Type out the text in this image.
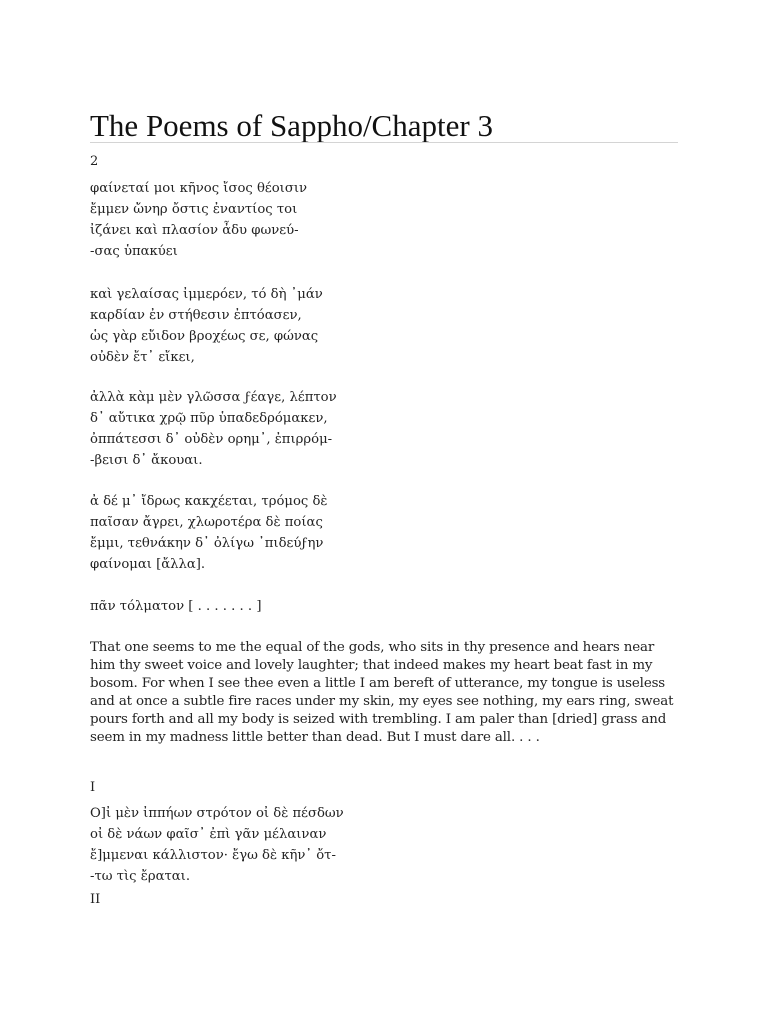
The Poems of Sappho/Chapter 3
2
φαίνεταί μοι κῆνος ἴσος θέοισιν
ἔμμεν ὤνηρ ὄστις ἐναντίος τοι
ἰζάνει καὶ πλασίον ἆδυ φωνεύ-
-σας ὑπακύει
καὶ γελαίσας ἰμμερόεν, τό δὴ ᾽μάν
καρδίαν ἐν στήθεσιν ἐπτόασεν,
ὡς γὰρ εὔιδον βροχέως σε, φώνας
οὐδὲν ἔτ᾽ εἴκει,
ἀλλὰ κὰμ μὲν γλῶσσα ϝέαγε, λέπτον
δ᾽ αὔτικα χρῷ πῦρ ὑπαδεδρόμακεν,
ὀππάτεσσι δ᾽ οὐδὲν ορημ᾽, ἐπιρρόμ-
-βεισι δ᾽ ἄκουαι.
ἀ δέ μ᾽ ἴδρως κακχέεται, τρόμος δὲ
παῖσαν ἄγρει, χλωροτέρα δὲ ποίας
ἔμμι, τεθνάκην δ᾽ ὀλίγω ᾽πιδεύϝην
φαίνομαι [ἄλλα].
πᾶν τόλματον [ . . . . . . . ]

That one seems to me the equal of the gods, who sits in thy presence and hears near him thy sweet voice and lovely laughter; that indeed makes my heart beat fast in my bosom. For when I see thee even a little I am bereft of utterance, my tongue is useless and at once a subtle fire races under my skin, my eyes see nothing, my ears ring, sweat pours forth and all my body is seized with trembling. I am paler than [dried] grass and seem in my madness little better than dead. But I must dare all. . . .

I
Ο]ἰ μὲν ἰππήων στρότον οἰ δὲ πέσδων
οἰ δὲ νάων φαῖσ᾽ ἐπὶ γᾶν μέλαιναν
ἔ]μμεναι κάλλιστον· ἔγω δὲ κῆν᾽ ὄτ-
-τω τὶς ἔραται.
II
